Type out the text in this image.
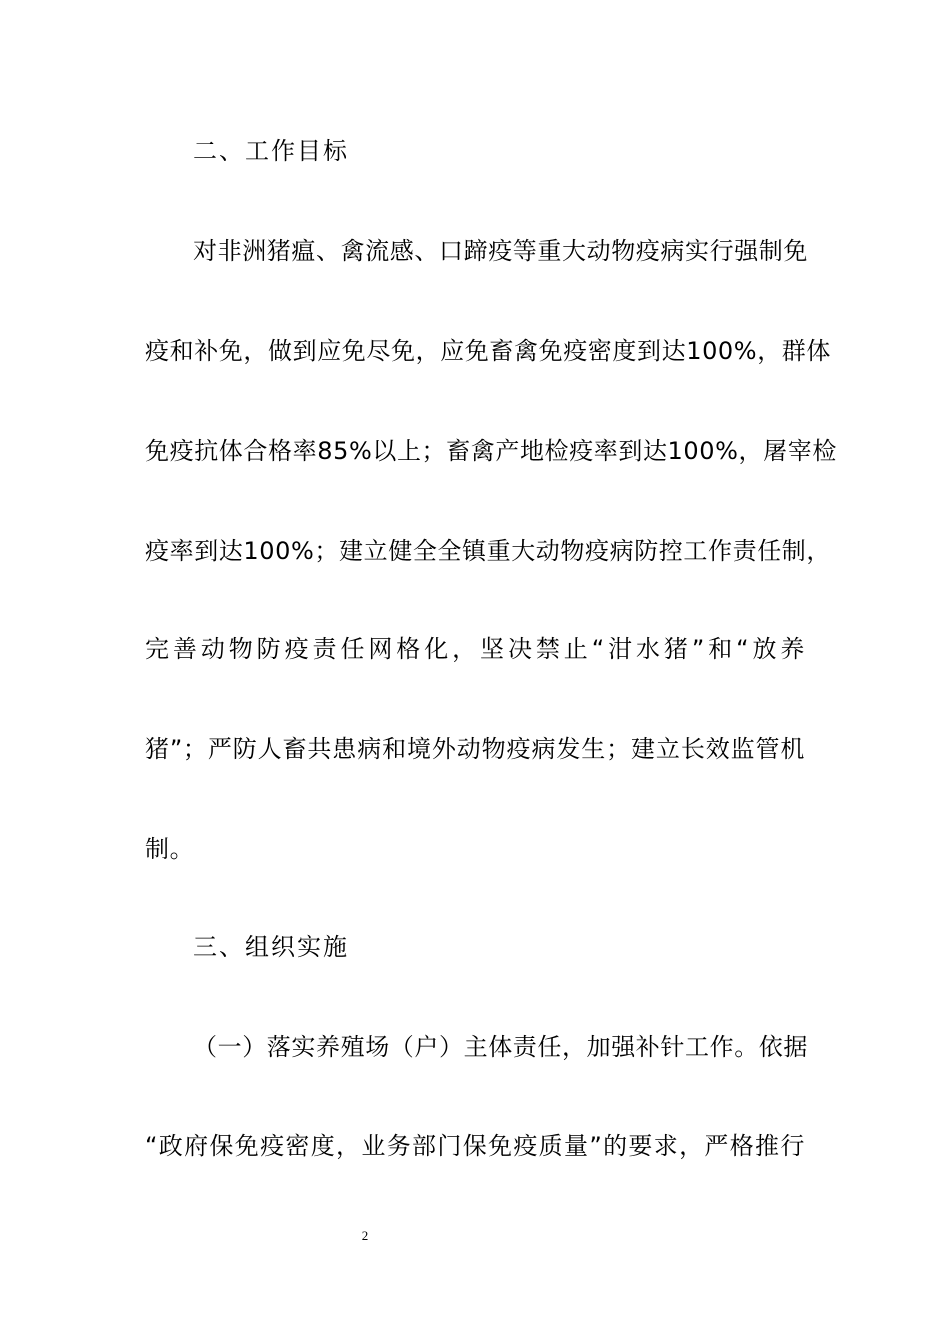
二、工作目标
对非洲猪瘟、禽流感、口蹄疫等重大动物疫病实行强制免
疫和补免，做到应免尽免，应免畜禽免疫密度到达100%，群体
免疫抗体合格率85%以上；畜禽产地检疫率到达100%，屠宰检
疫率到达100%；建立健全全镇重大动物疫病防控工作责任制，
完善动物防疫责任网格化，坚决禁止“泔水猪”和“放养
猪”；严防人畜共患病和境外动物疫病发生；建立长效监管机
制。
三、组织实施
（一）落实养殖场（户）主体责任，加强补针工作。依据
“政府保免疫密度，业务部门保免疫质量”的要求，严格推行
2
